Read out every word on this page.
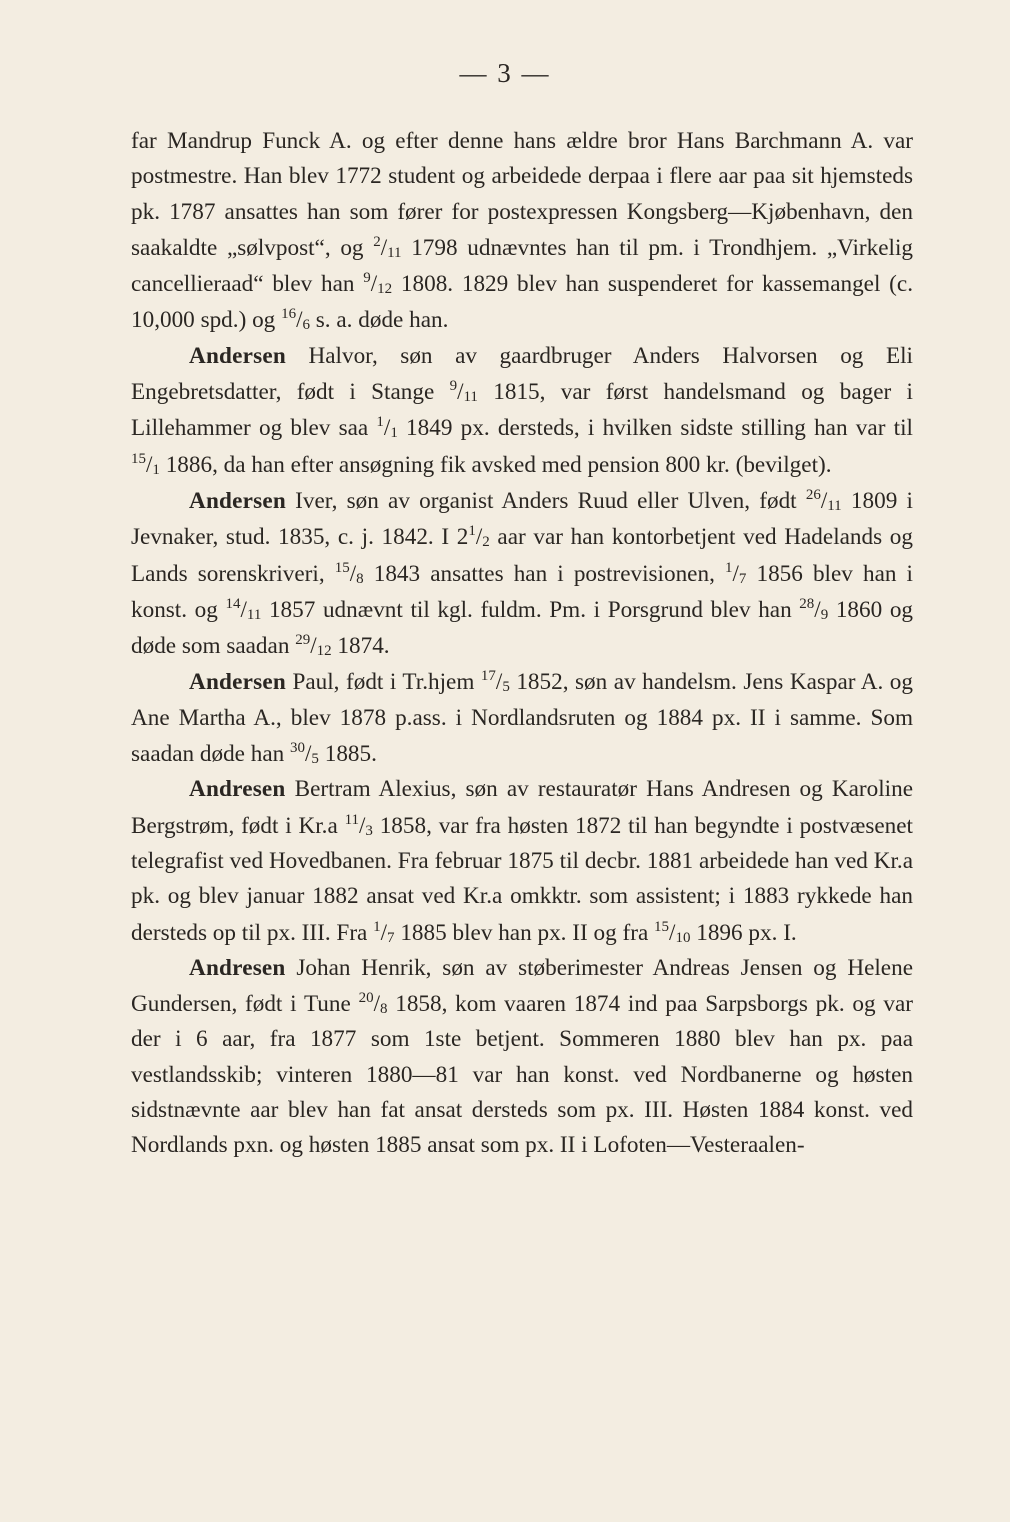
— 3 —

far Mandrup Funck A. og efter denne hans ældre bror Hans Barchmann A. var postmestre. Han blev 1772 student og arbeidede derpaa i flere aar paa sit hjemsteds pk. 1787 ansattes han som fører for postexpressen Kongsberg—Kjøbenhavn, den saakaldte „sølvpost“, og $^2/_{11}$ 1798 udnævntes han til pm. i Trondhjem. „Virkelig cancellieraad“ blev han $^9/_{12}$ 1808. 1829 blev han suspenderet for kassemangel (c. 10,000 spd.) og $^{16}/_6$ s. a. døde han.

Andersen Halvor, søn av gaardbruger Anders Halvorsen og Eli Engebretsdatter, født i Stange $^9/_{11}$ 1815, var først handelsmand og bager i Lillehammer og blev saa $^1/_1$ 1849 px. dersteds, i hvilken sidste stilling han var til $^{15}/_1$ 1886, da han efter ansøgning fik avsked med pension 800 kr. (bevilget).

Andersen Iver, søn av organist Anders Ruud eller Ulven, født $^{26}/_{11}$ 1809 i Jevnaker, stud. 1835, c. j. 1842. I $2^1/_2$ aar var han kontorbetjent ved Hadelands og Lands sorenskriveri, $^{15}/_8$ 1843 ansattes han i postrevisionen, $^1/_7$ 1856 blev han i konst. og $^{14}/_{11}$ 1857 udnævnt til kgl. fuldm. Pm. i Porsgrund blev han $^{28}/_9$ 1860 og døde som saadan $^{29}/_{12}$ 1874.

Andersen Paul, født i Tr.hjem $^{17}/_5$ 1852, søn av handelsm. Jens Kaspar A. og Ane Martha A., blev 1878 p.ass. i Nordlandsruten og 1884 px. II i samme. Som saadan døde han $^{30}/_5$ 1885.

Andresen Bertram Alexius, søn av restauratør Hans Andresen og Karoline Bergstrøm, født i Kr.a $^{11}/_3$ 1858, var fra høsten 1872 til han begyndte i postvæsenet telegrafist ved Hovedbanen. Fra februar 1875 til decbr. 1881 arbeidede han ved Kr.a pk. og blev januar 1882 ansat ved Kr.a omkktr. som assistent; i 1883 rykkede han dersteds op til px. III. Fra $^1/_7$ 1885 blev han px. II og fra $^{15}/_{10}$ 1896 px. I.

Andresen Johan Henrik, søn av støberimester Andreas Jensen og Helene Gundersen, født i Tune $^{20}/_8$ 1858, kom vaaren 1874 ind paa Sarpsborgs pk. og var der i 6 aar, fra 1877 som 1ste betjent. Sommeren 1880 blev han px. paa vestlandsskib; vinteren 1880—81 var han konst. ved Nordbanerne og høsten sidstnævnte aar blev han fat ansat dersteds som px. III. Høsten 1884 konst. ved Nordlands pxn. og høsten 1885 ansat som px. II i Lofoten—Vesteraalen-
